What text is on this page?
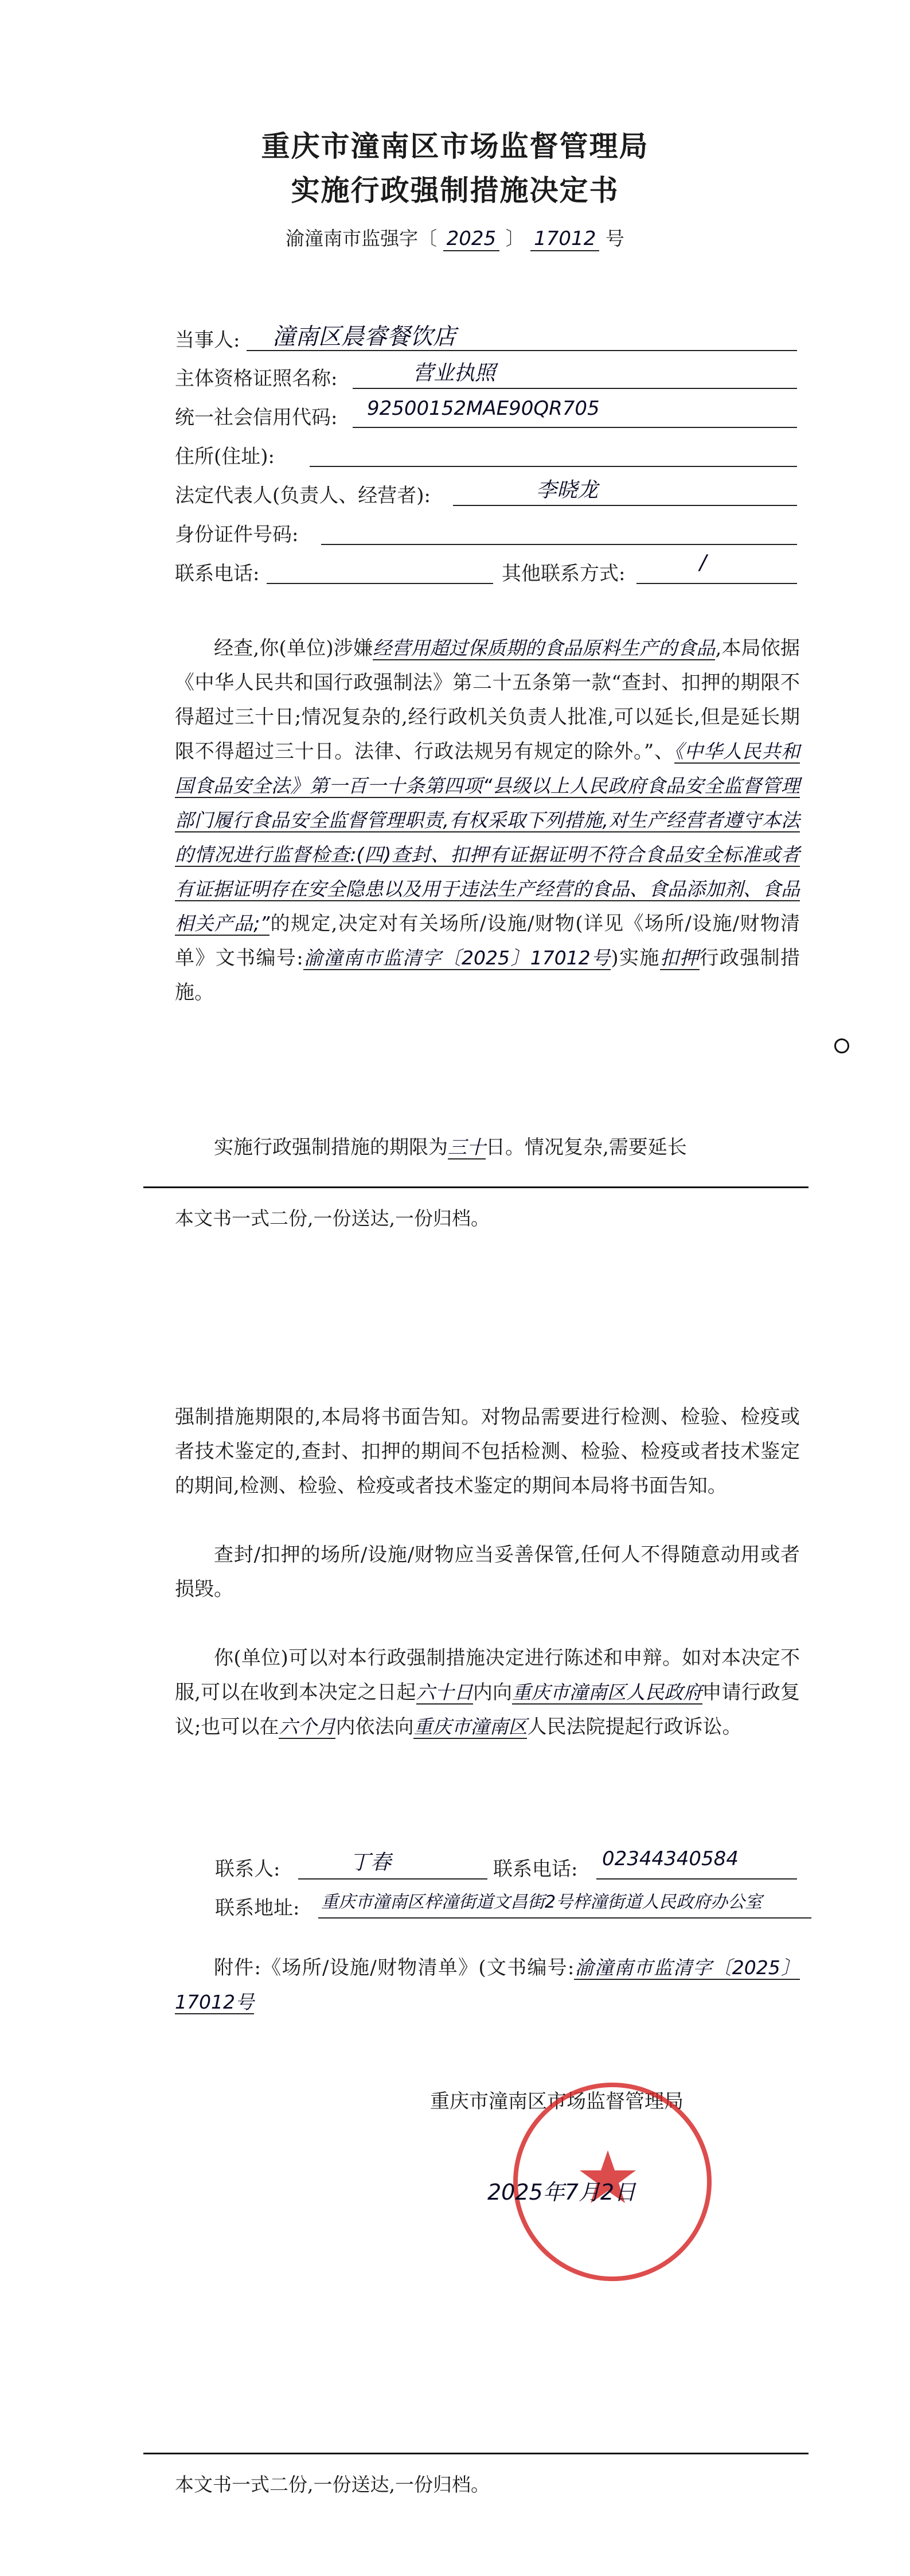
重庆市潼南区市场监督管理局
实施行政强制措施决定书
渝潼南市监强字〔 2025 〕 17012 号
当事人: 潼南区晨睿餐饮店
主体资格证照名称:	营业执照
统一社会信用代码: 92500152MAE90QR705
住所(住址):
法定代表人(负责人、经营者):	李晓龙
身份证件号码:
联系电话:	其他联系方式:	/
经查,你(单位)涉嫌经营用超过保质期的食品原料生产的食品,本局依据《中华人民共和国行政强制法》第二十五条第一款“查封、扣押的期限不得超过三十日;情况复杂的,经行政机关负责人批准,可以延长,但是延长期限不得超过三十日。法律、行政法规另有规定的除外。”、《中华人民共和国食品安全法》第一百一十条第四项“县级以上人民政府食品安全监督管理部门履行食品安全监督管理职责,有权采取下列措施,对生产经营者遵守本法的情况进行监督检查:(四)查封、扣押有证据证明不符合食品安全标准或者有证据证明存在安全隐患以及用于违法生产经营的食品、食品添加剂、食品相关产品;”的规定,决定对有关场所/设施/财物(详见《场所/设施/财物清单》文书编号:渝潼南市监清字〔2025〕17012号)实施扣押行政强制措施。
实施行政强制措施的期限为三十日。情况复杂,需要延长
本文书一式二份,一份送达,一份归档。
强制措施期限的,本局将书面告知。对物品需要进行检测、检验、检疫或者技术鉴定的,查封、扣押的期间不包括检测、检验、检疫或者技术鉴定的期间,检测、检验、检疫或者技术鉴定的期间本局将书面告知。
查封/扣押的场所/设施/财物应当妥善保管,任何人不得随意动用或者损毁。
你(单位)可以对本行政强制措施决定进行陈述和申辩。如对本决定不服,可以在收到本决定之日起六十日内向重庆市潼南区人民政府申请行政复议;也可以在六个月内依法向重庆市潼南区人民法院提起行政诉讼。
联系人:	丁春	联系电话: 02344340584
联系地址: 重庆市潼南区梓潼街道文昌街2号梓潼街道人民政府办公室
附件:《场所/设施/财物清单》(文书编号:渝潼南市监清字〔2025〕17012号
重庆市潼南区市场监督管理局
2025年7月2日
本文书一式二份,一份送达,一份归档。
